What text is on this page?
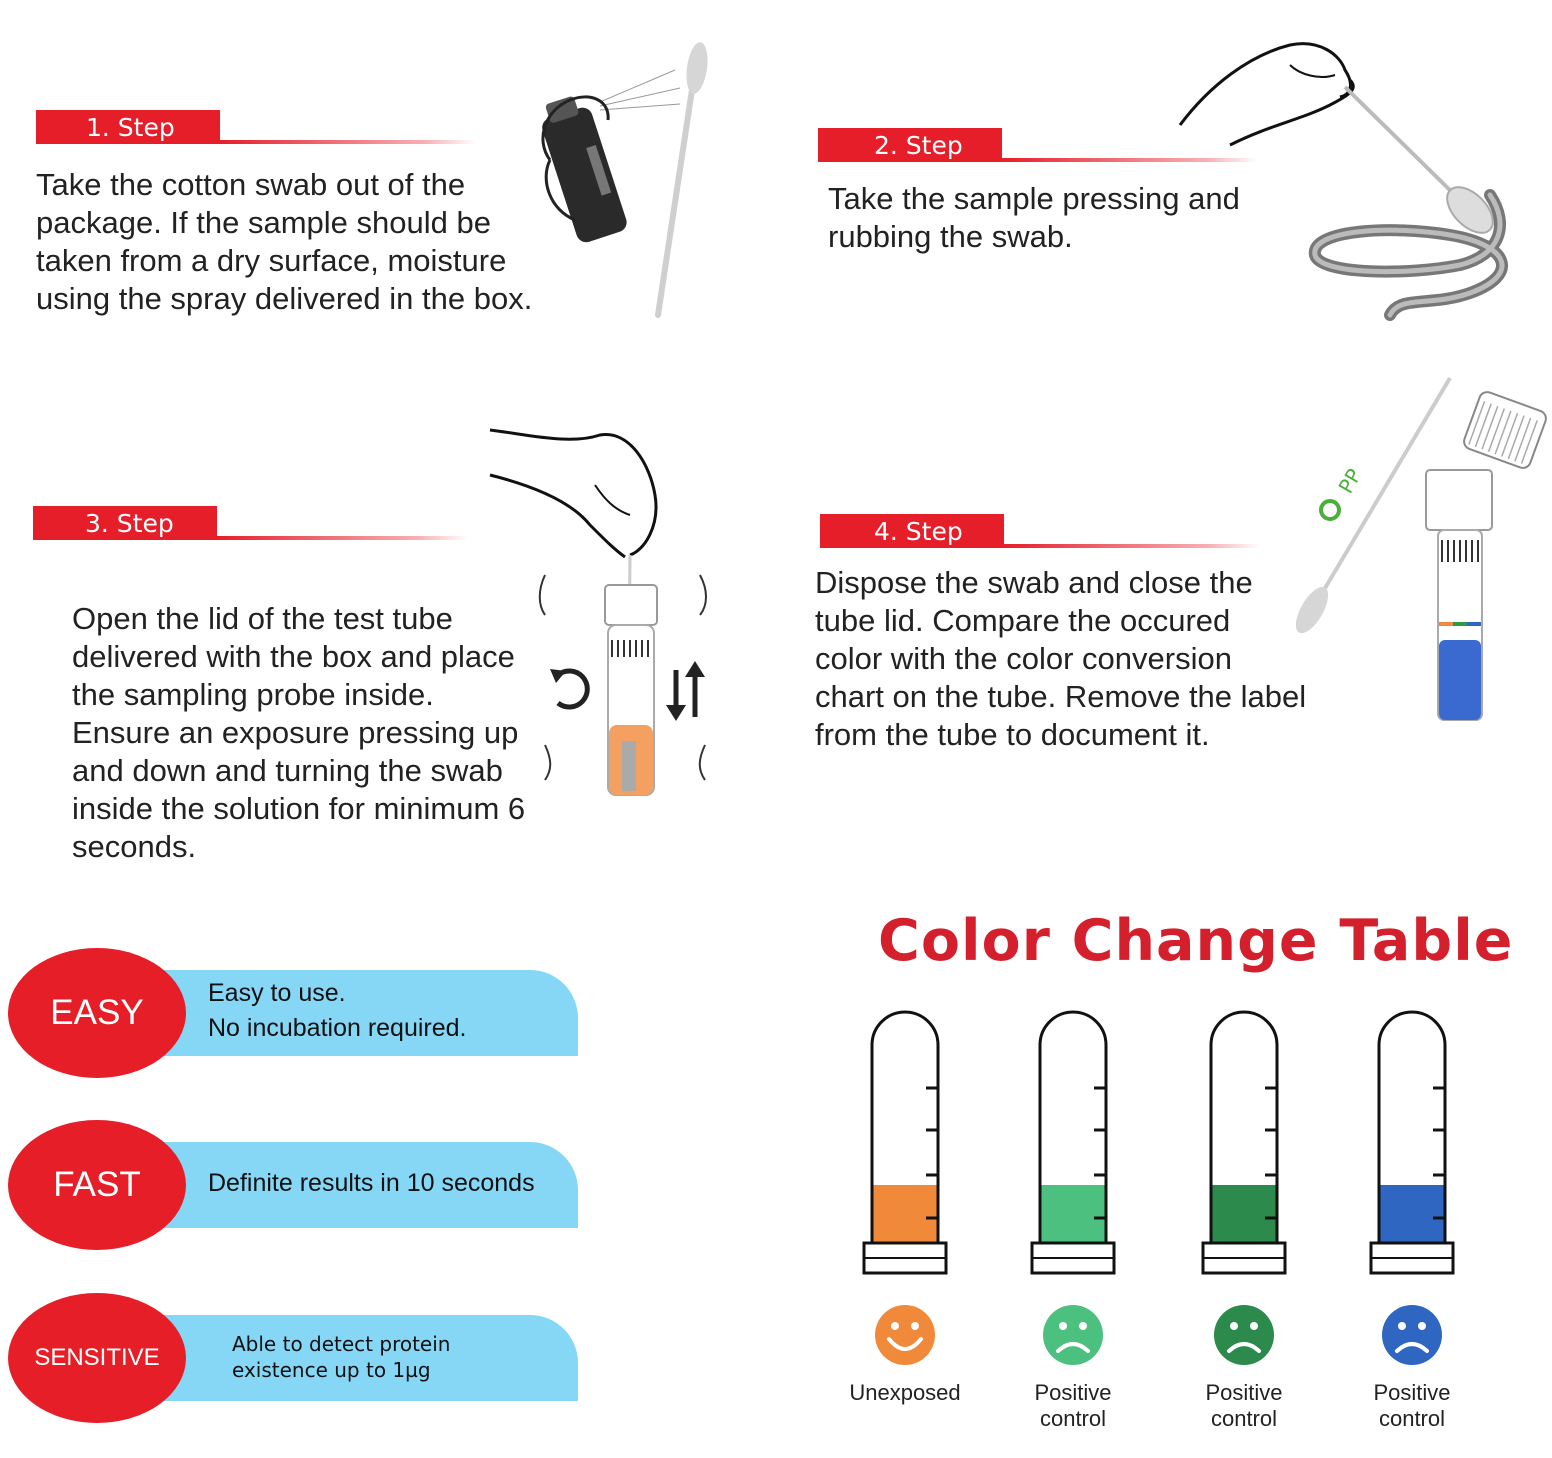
1. Step
Take the cotton swab out of the
package. If the sample should be
taken from a dry surface, moisture
using the spray delivered in the box.
2. Step
Take the sample pressing and
rubbing the swab.
3. Step
Open the lid of the test tube
delivered with the box and place
the sampling probe inside.
Ensure an exposure pressing up
and down and turning the swab
inside the solution for minimum 6
seconds.
4. Step
Dispose the swab and close the
tube lid. Compare the occured
color with the color conversion
chart on the tube. Remove the label
from the tube to document it.
PP
EASY	Easy to use.
No incubation required.
FAST	Definite results in 10 seconds
SENSITIVE	Able to detect protein
existence up to 1µg
Color Change Table
Unexposed	Positive
control
Positive
control
Positive
control
